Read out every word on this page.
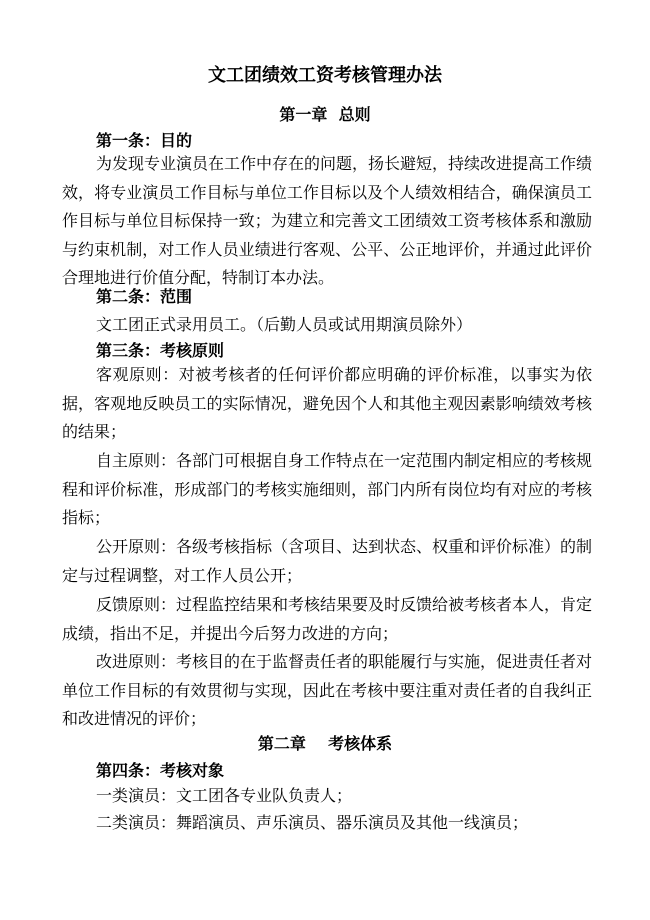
文工团绩效工资考核管理办法
第一章  总则
第一条：目的

为发现专业演员在工作中存在的问题，扬长避短，持续改进提高工作绩效，将专业演员工作目标与单位工作目标以及个人绩效相结合，确保演员工作目标与单位目标保持一致；为建立和完善文工团绩效工资考核体系和激励与约束机制，对工作人员业绩进行客观、公平、公正地评价，并通过此评价合理地进行价值分配，特制订本办法。

第二条：范围

文工团正式录用员工。（后勤人员或试用期演员除外）

第三条：考核原则

客观原则：对被考核者的任何评价都应明确的评价标准，以事实为依据，客观地反映员工的实际情况，避免因个人和其他主观因素影响绩效考核的结果；

自主原则：各部门可根据自身工作特点在一定范围内制定相应的考核规程和评价标准，形成部门的考核实施细则，部门内所有岗位均有对应的考核指标；

公开原则：各级考核指标（含项目、达到状态、权重和评价标准）的制定与过程调整，对工作人员公开；

反馈原则：过程监控结果和考核结果要及时反馈给被考核者本人，肯定成绩，指出不足，并提出今后努力改进的方向；

改进原则：考核目的在于监督责任者的职能履行与实施，促进责任者对单位工作目标的有效贯彻与实现，因此在考核中要注重对责任者的自我纠正和改进情况的评价；

第二章    考核体系
第四条：考核对象
一类演员：文工团各专业队负责人；
二类演员：舞蹈演员、声乐演员、器乐演员及其他一线演员；
